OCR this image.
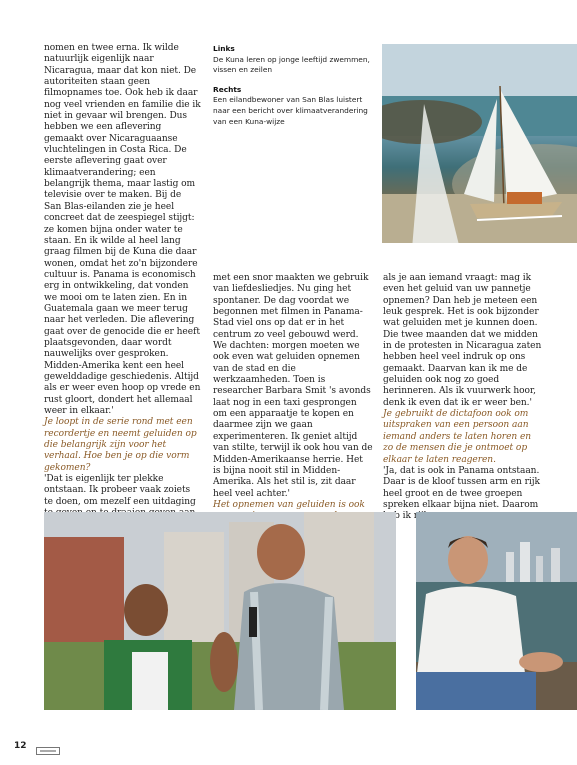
nomen en twee erna. Ik wilde natuurlijk eigenlijk naar Nicaragua, maar dat kon niet. De autoriteiten staan geen filmopnames toe. Ook heb ik daar nog veel vrienden en familie die ik niet in gevaar wil brengen. Dus hebben we een aflevering gemaakt over Nicaraguaanse vluchtelingen in Costa Rica. De eerste aflevering gaat over klimaatverandering; een belangrijk thema, maar lastig om televisie over te maken. Bij de San Blas-eilanden zie je heel concreet dat de zeespiegel stijgt: ze komen bijna onder water te staan. En ik wilde al heel lang graag filmen bij de Kuna die daar wonen, omdat het zo'n bijzondere cultuur is. Panama is economisch erg in ontwikkeling, dat vonden we mooi om te laten zien. En in Guatemala gaan we meer terug naar het verleden. Die aflevering gaat over de genocide die er heeft plaatsgevonden, daar wordt nauwelijks over gesproken. Midden-Amerika kent een heel gewelddadige geschiedenis. Altijd als er weer even hoop op vrede en rust gloort, dondert het allemaal weer in elkaar.'

Je loopt in de serie rond met een recordertje en neemt geluiden op die belangrijk zijn voor het verhaal. Hoe ben je op die vorm gekomen?

'Dat is eigenlijk ter plekke ontstaan. Ik probeer vaak zoiets te doen, om mezelf een uitdaging

Links
De Kuna leren op jonge leeftijd zwemmen, vissen en zeilen
Rechts
Een eilandbewoner van San Blas luistert naar een bericht over klimaatverandering van een Kuna-wijze

met een snor maakten we gebruik van liefdesliedjes. Nu ging het spontaner. De dag voordat we begonnen met filmen in Panama-Stad viel ons op dat er in het centrum zo veel gebouwd werd. We dachten: morgen moeten we ook even wat geluiden opnemen van de stad en die werkzaamheden. Toen is researcher Barbara Smit 's avonds laat nog in een taxi gesprongen om een apparaatje te kopen en daarmee zijn we gaan experimenteren. Ik geniet altijd van stilte, terwijl ik ook hou van de Midden-Amerikaanse herrie. Het is bijna nooit stil in Midden-Amerika. Als het stil is, zit daar heel veel achter.'

Het opnemen van geluiden is ook

als je aan iemand vraagt: mag ik even het geluid van uw pannetje opnemen? Dan heb je meteen een leuk gesprek. Het is ook bijzonder wat geluiden met je kunnen doen. Die twee maanden dat we midden in de protesten in Nicaragua zaten hebben heel veel indruk op ons gemaakt. Daarvan kan ik me de geluiden ook nog zo goed herinneren. Als ik vuurwerk hoor, denk ik even dat ik er weer ben.'

Je gebruikt de dictafoon ook om uitspraken van een persoon aan iemand anders te laten horen en zo de mensen die je ontmoet op elkaar te laten reageren.

'Ja, dat is ook in Panama ontstaan. Daar is de kloof tussen arm en rijk heel groot en de twee groepen spreken elkaar bijna niet. Daarom ik

12
